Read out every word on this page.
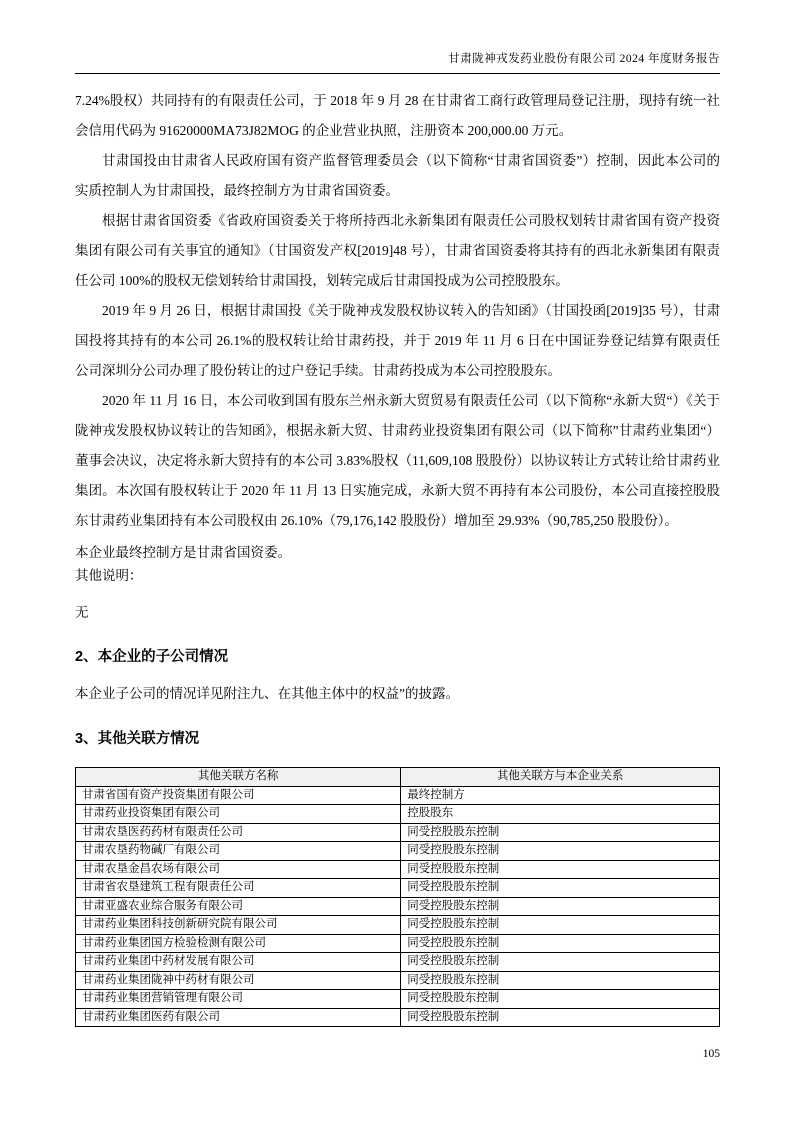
甘肃陇神戎发药业股份有限公司 2024 年度财务报告

7.24%股权）共同持有的有限责任公司，于 2018 年 9 月 28 在甘肃省工商行政管理局登记注册，现持有统一社会信用代码为 91620000MA73J82MOG 的企业营业执照，注册资本 200,000.00 万元。

甘肃国投由甘肃省人民政府国有资产监督管理委员会（以下简称“甘肃省国资委”）控制，因此本公司的实质控制人为甘肃国投，最终控制方为甘肃省国资委。

根据甘肃省国资委《省政府国资委关于将所持西北永新集团有限责任公司股权划转甘肃省国有资产投资集团有限公司有关事宜的通知》（甘国资发产权[2019]48 号），甘肃省国资委将其持有的西北永新集团有限责任公司 100%的股权无偿划转给甘肃国投，划转完成后甘肃国投成为公司控股股东。

2019 年 9 月 26 日，根据甘肃国投《关于陇神戎发股权协议转入的告知函》（甘国投函[2019]35 号），甘肃国投将其持有的本公司 26.1%的股权转让给甘肃药投，并于 2019 年 11 月 6 日在中国证券登记结算有限责任公司深圳分公司办理了股份转让的过户登记手续。甘肃药投成为本公司控股股东。

2020 年 11 月 16 日，本公司收到国有股东兰州永新大贸贸易有限责任公司（以下简称“永新大贸“）《关于陇神戎发股权协议转让的告知函》，根据永新大贸、甘肃药业投资集团有限公司（以下简称”甘肃药业集团“）董事会决议，决定将永新大贸持有的本公司 3.83%股权（11,609,108 股股份）以协议转让方式转让给甘肃药业集团。本次国有股权转让于 2020 年 11 月 13 日实施完成，永新大贸不再持有本公司股份，本公司直接控股股东甘肃药业集团持有本公司股权由 26.10%（79,176,142 股股份）增加至 29.93%（90,785,250 股股份）。

本企业最终控制方是甘肃省国资委。

其他说明：

无

2、本企业的子公司情况

本企业子公司的情况详见附注九、在其他主体中的权益”的披露。

3、其他关联方情况
其他关联方名称	其他关联方与本企业关系
甘肃省国有资产投资集团有限公司	最终控制方
甘肃药业投资集团有限公司	控股股东
甘肃农垦医药药材有限责任公司	同受控股股东控制
甘肃农垦药物碱厂有限公司	同受控股股东控制
甘肃农垦金昌农场有限公司	同受控股股东控制
甘肃省农垦建筑工程有限责任公司	同受控股股东控制
甘肃亚盛农业综合服务有限公司	同受控股股东控制
甘肃药业集团科技创新研究院有限公司	同受控股股东控制
甘肃药业集团国方检验检测有限公司	同受控股股东控制
甘肃药业集团中药材发展有限公司	同受控股股东控制
甘肃药业集团陇神中药材有限公司	同受控股股东控制
甘肃药业集团营销管理有限公司	同受控股股东控制
甘肃药业集团医药有限公司	同受控股股东控制
105
